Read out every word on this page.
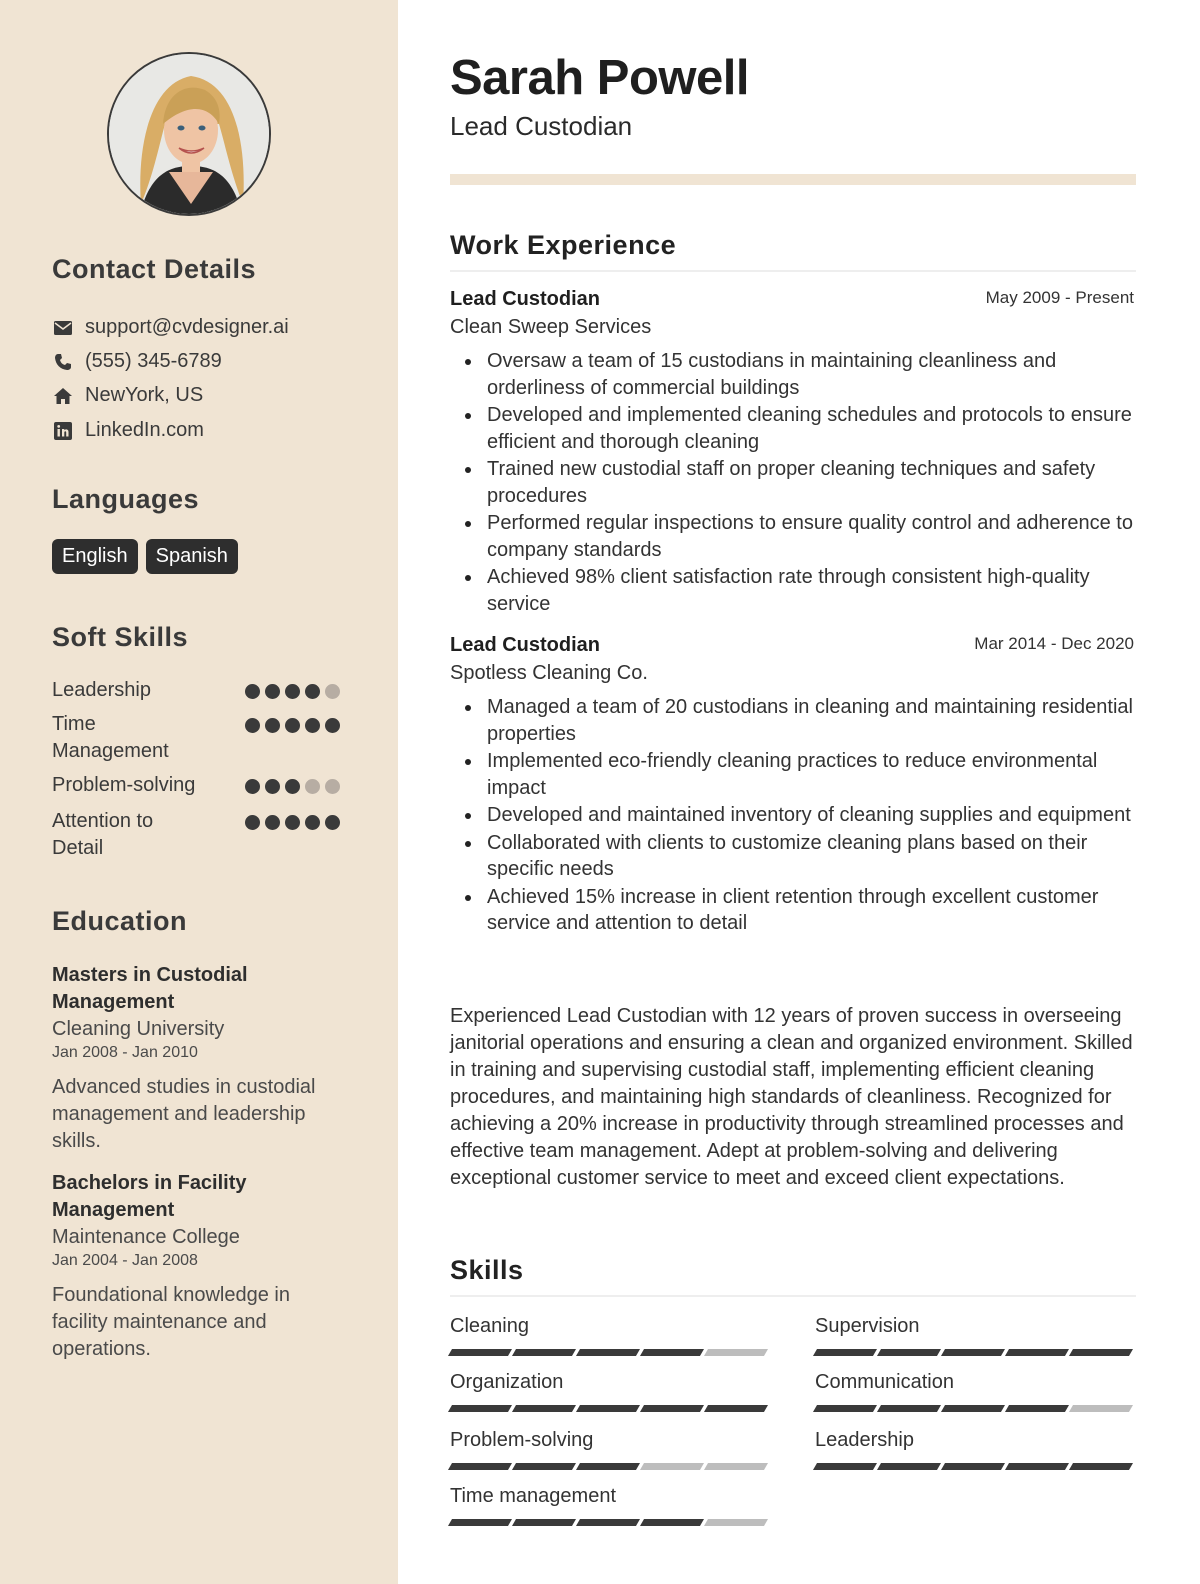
Contact Details
support@cvdesigner.ai
(555) 345-6789
NewYork, US
LinkedIn.com
Languages
English	Spanish
Soft Skills
Leadership
Time Management
Problem-solving
Attention to Detail
Education
Masters in Custodial Management
Cleaning University
Jan 2008 - Jan 2010
Advanced studies in custodial management and leadership skills.
Bachelors in Facility Management
Maintenance College
Jan 2004 - Jan 2008
Foundational knowledge in facility maintenance and operations.
Sarah Powell
Lead Custodian
Work Experience
Lead Custodian	May 2009 - Present
Clean Sweep Services
Oversaw a team of 15 custodians in maintaining cleanliness and orderliness of commercial buildings
Developed and implemented cleaning schedules and protocols to ensure efficient and thorough cleaning
Trained new custodial staff on proper cleaning techniques and safety procedures
Performed regular inspections to ensure quality control and adherence to company standards
Achieved 98% client satisfaction rate through consistent high-quality service
Lead Custodian	Mar 2014 - Dec 2020
Spotless Cleaning Co.
Managed a team of 20 custodians in cleaning and maintaining residential properties
Implemented eco-friendly cleaning practices to reduce environmental impact
Developed and maintained inventory of cleaning supplies and equipment
Collaborated with clients to customize cleaning plans based on their specific needs
Achieved 15% increase in client retention through excellent customer service and attention to detail
Experienced Lead Custodian with 12 years of proven success in overseeing janitorial operations and ensuring a clean and organized environment. Skilled in training and supervising custodial staff, implementing efficient cleaning procedures, and maintaining high standards of cleanliness. Recognized for achieving a 20% increase in productivity through streamlined processes and effective team management. Adept at problem-solving and delivering exceptional customer service to meet and exceed client expectations.
Skills
Cleaning	Supervision
Organization	Communication
Problem-solving	Leadership
Time management
